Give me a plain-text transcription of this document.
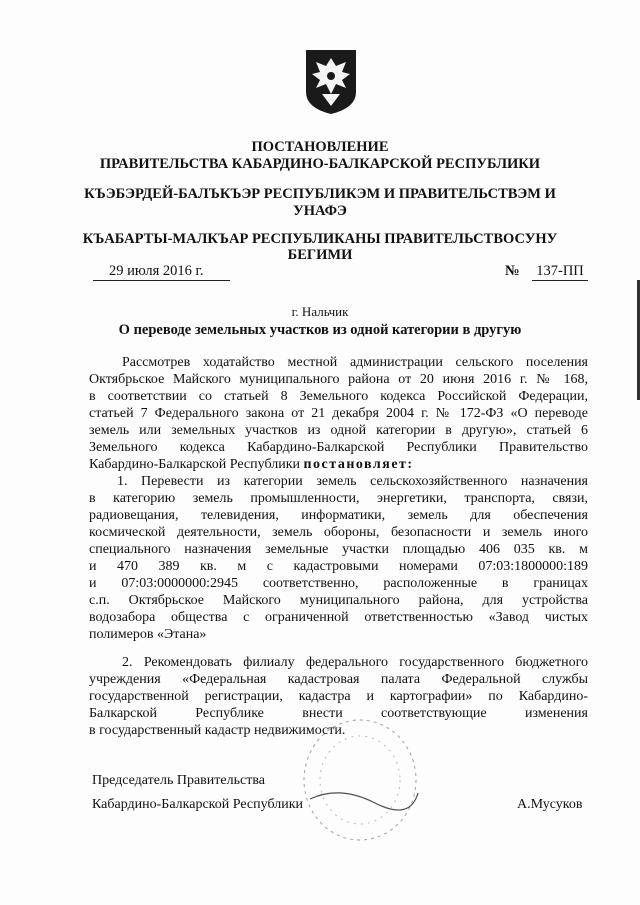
ПОСТАНОВЛЕНИЕ
ПРАВИТЕЛЬСТВА КАБАРДИНО-БАЛКАРСКОЙ РЕСПУБЛИКИ
КЪЭБЭРДЕЙ-БАЛЪКЪЭР РЕСПУБЛИКЭМ И ПРАВИТЕЛЬСТВЭМ И
УНАФЭ
КЪАБАРТЫ-МАЛКЪАР РЕСПУБЛИКАНЫ ПРАВИТЕЛЬСТВОСУНУ
БЕГИМИ
29 июля 2016 г.	№ 137-ПП
г. Нальчик
О переводе земельных участков из одной категории в другую
Рассмотрев ходатайство местной администрации сельского поселения
Октябрьское Майского муниципального района от 20 июня 2016 г. № 168,
в соответствии со статьей 8 Земельного кодекса Российской Федерации,
статьей 7 Федерального закона от 21 декабря 2004 г. № 172-ФЗ «О переводе
земель или земельных участков из одной категории в другую», статьей 6
Земельного кодекса Кабардино-Балкарской Республики Правительство
Кабардино-Балкарской Республики постановляет:
1. Перевести из категории земель сельскохозяйственного назначения
в категорию земель промышленности, энергетики, транспорта, связи,
радиовещания, телевидения, информатики, земель для обеспечения
космической деятельности, земель обороны, безопасности и земель иного
специального назначения земельные участки площадью 406 035 кв. м
и 470 389 кв. м с кадастровыми номерами 07:03:1800000:189
и 07:03:0000000:2945 соответственно, расположенные в границах
с.п. Октябрьское Майского муниципального района, для устройства
водозабора общества с ограниченной ответственностью «Завод чистых
полимеров «Этана»
2. Рекомендовать филиалу федерального государственного бюджетного
учреждения «Федеральная кадастровая палата Федеральной службы
государственной регистрации, кадастра и картографии» по Кабардино-
Балкарской Республике внести соответствующие изменения
в государственный кадастр недвижимости.
Председатель Правительства
Кабардино-Балкарской Республики	А.Мусуков
